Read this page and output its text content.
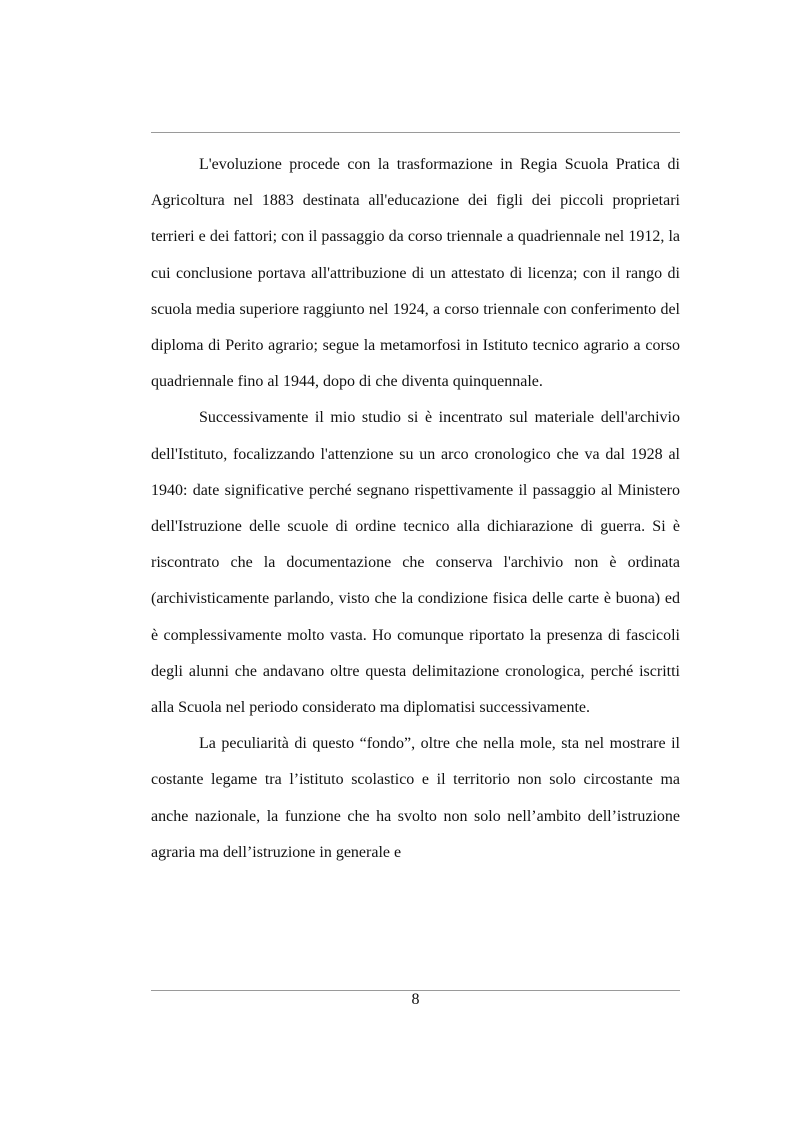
L'evoluzione procede con la trasformazione in Regia Scuola Pratica di Agricoltura nel 1883 destinata all'educazione dei figli dei piccoli proprietari terrieri e dei fattori; con il passaggio da corso triennale a quadriennale nel 1912, la cui conclusione portava all'attribuzione di un attestato di licenza; con il rango di scuola media superiore raggiunto nel 1924, a corso triennale con conferimento del diploma di Perito agrario; segue la metamorfosi in Istituto tecnico agrario a corso quadriennale fino al 1944, dopo di che diventa quinquennale.

Successivamente il mio studio si è incentrato sul materiale dell'archivio dell'Istituto, focalizzando l'attenzione su un arco cronologico che va dal 1928 al 1940: date significative perché segnano rispettivamente il passaggio al Ministero dell'Istruzione delle scuole di ordine tecnico alla dichiarazione di guerra. Si è riscontrato che la documentazione che conserva l'archivio non è ordinata (archivisticamente parlando, visto che la condizione fisica delle carte è buona) ed è complessivamente molto vasta. Ho comunque riportato la presenza di fascicoli degli alunni che andavano oltre questa delimitazione cronologica, perché iscritti alla Scuola nel periodo considerato ma diplomatisi successivamente.

La peculiarità di questo “fondo”, oltre che nella mole, sta nel mostrare il costante legame tra l’istituto scolastico e il territorio non solo circostante ma anche nazionale, la funzione che ha svolto non solo nell’ambito dell’istruzione agraria ma dell’istruzione in generale e

8
